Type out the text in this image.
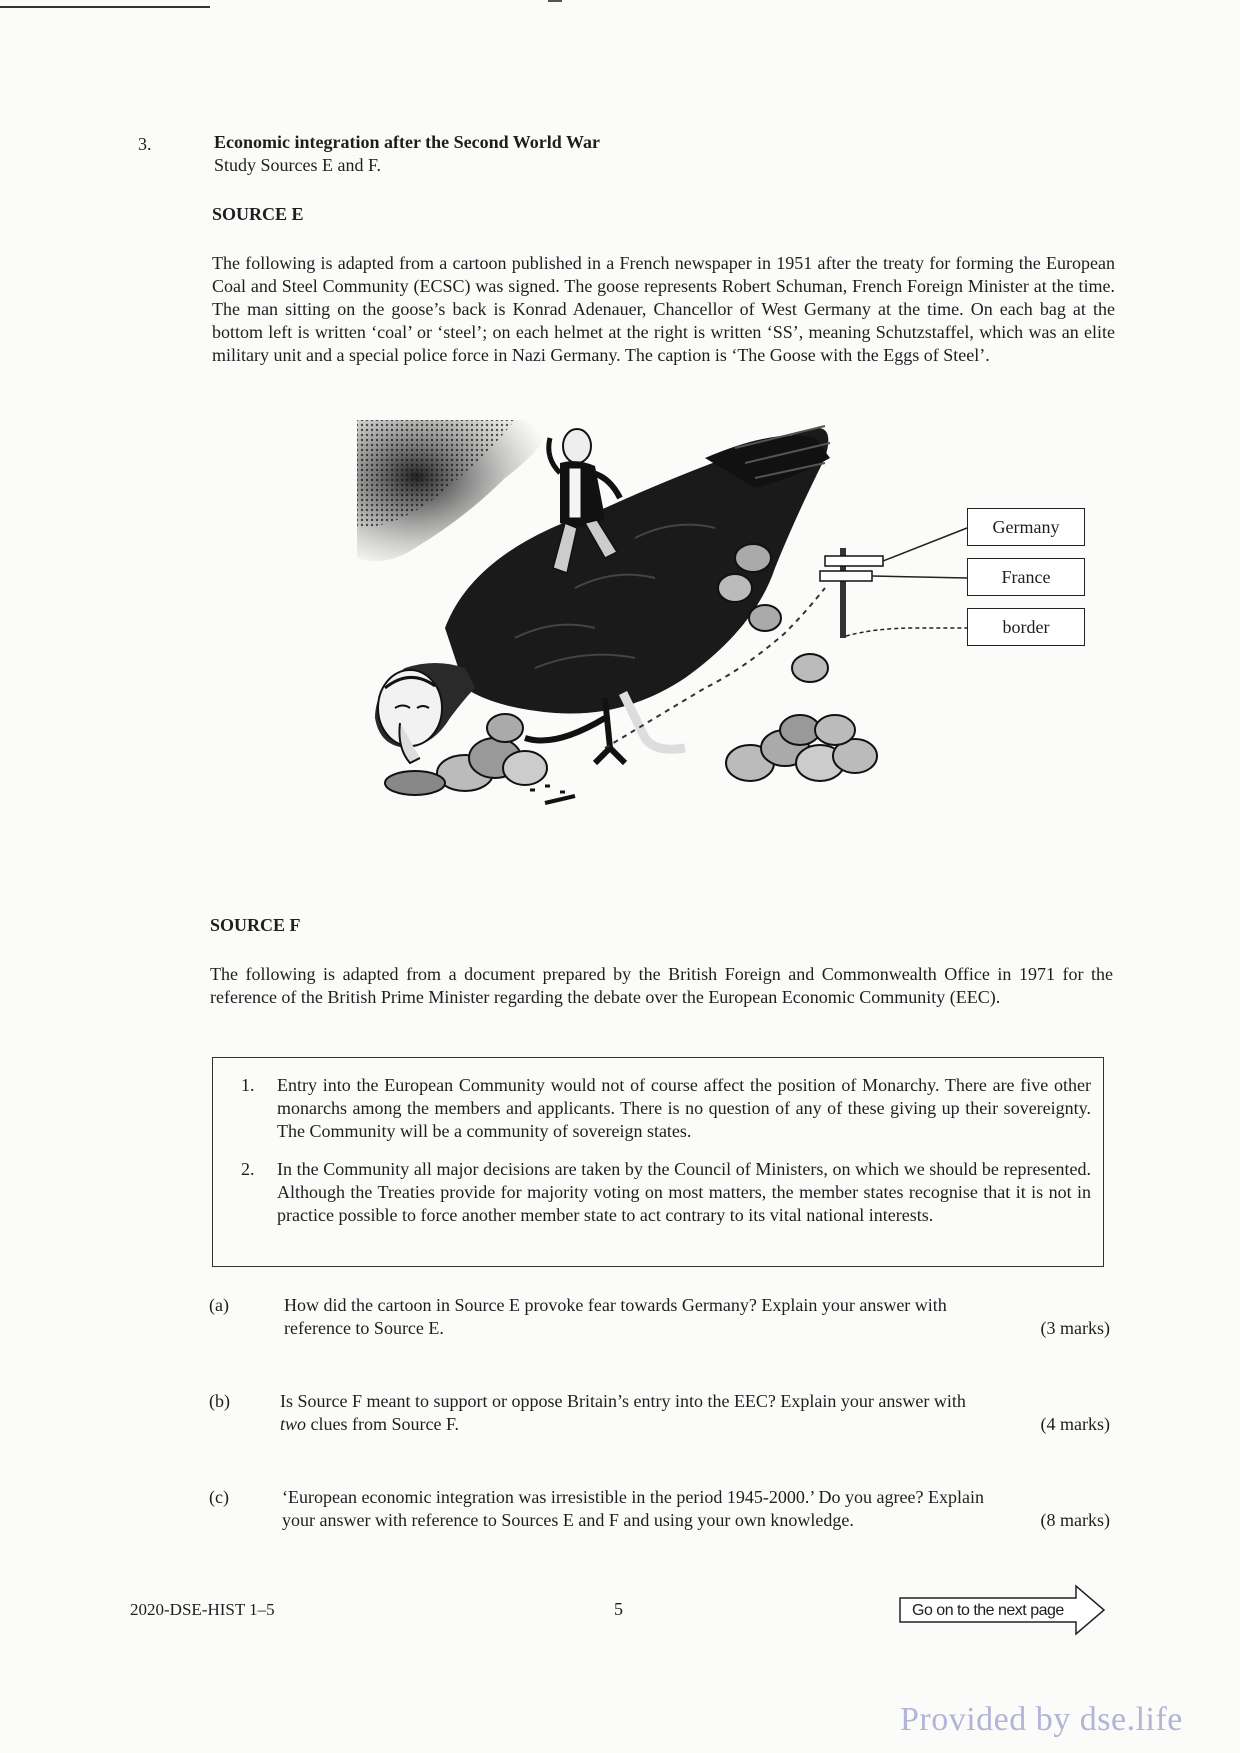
3.	Economic integration after the Second World War
Study Sources E and F.
SOURCE E
The following is adapted from a cartoon published in a French newspaper in 1951 after the treaty for forming the European Coal and Steel Community (ECSC) was signed. The goose represents Robert Schuman, French Foreign Minister at the time. The man sitting on the goose’s back is Konrad Adenauer, Chancellor of West Germany at the time. On each bag at the bottom left is written ‘coal’ or ‘steel’; on each helmet at the right is written ‘SS’, meaning Schutzstaffel, which was an elite military unit and a special police force in Nazi Germany. The caption is ‘The Goose with the Eggs of Steel’.
Germany
France
border
SOURCE F
The following is adapted from a document prepared by the British Foreign and Commonwealth Office in 1971 for the reference of the British Prime Minister regarding the debate over the European Economic Community (EEC).
1. Entry into the European Community would not of course affect the position of Monarchy. There are five other monarchs among the members and applicants. There is no question of any of these giving up their sovereignty. The Community will be a community of sovereign states.
2. In the Community all major decisions are taken by the Council of Ministers, on which we should be represented. Although the Treaties provide for majority voting on most matters, the member states recognise that it is not in practice possible to force another member state to act contrary to its vital national interests.
(a)	How did the cartoon in Source E provoke fear towards Germany? Explain your answer with
reference to Source E.	(3 marks)
(b)	Is Source F meant to support or oppose Britain’s entry into the EEC? Explain your answer with
two clues from Source F.	(4 marks)
(c)	‘European economic integration was irresistible in the period 1945-2000.’ Do you agree? Explain
your answer with reference to Sources E and F and using your own knowledge.	(8 marks)
2020-DSE-HIST 1–5	5	Go on to the next page
Provided by dse.life
